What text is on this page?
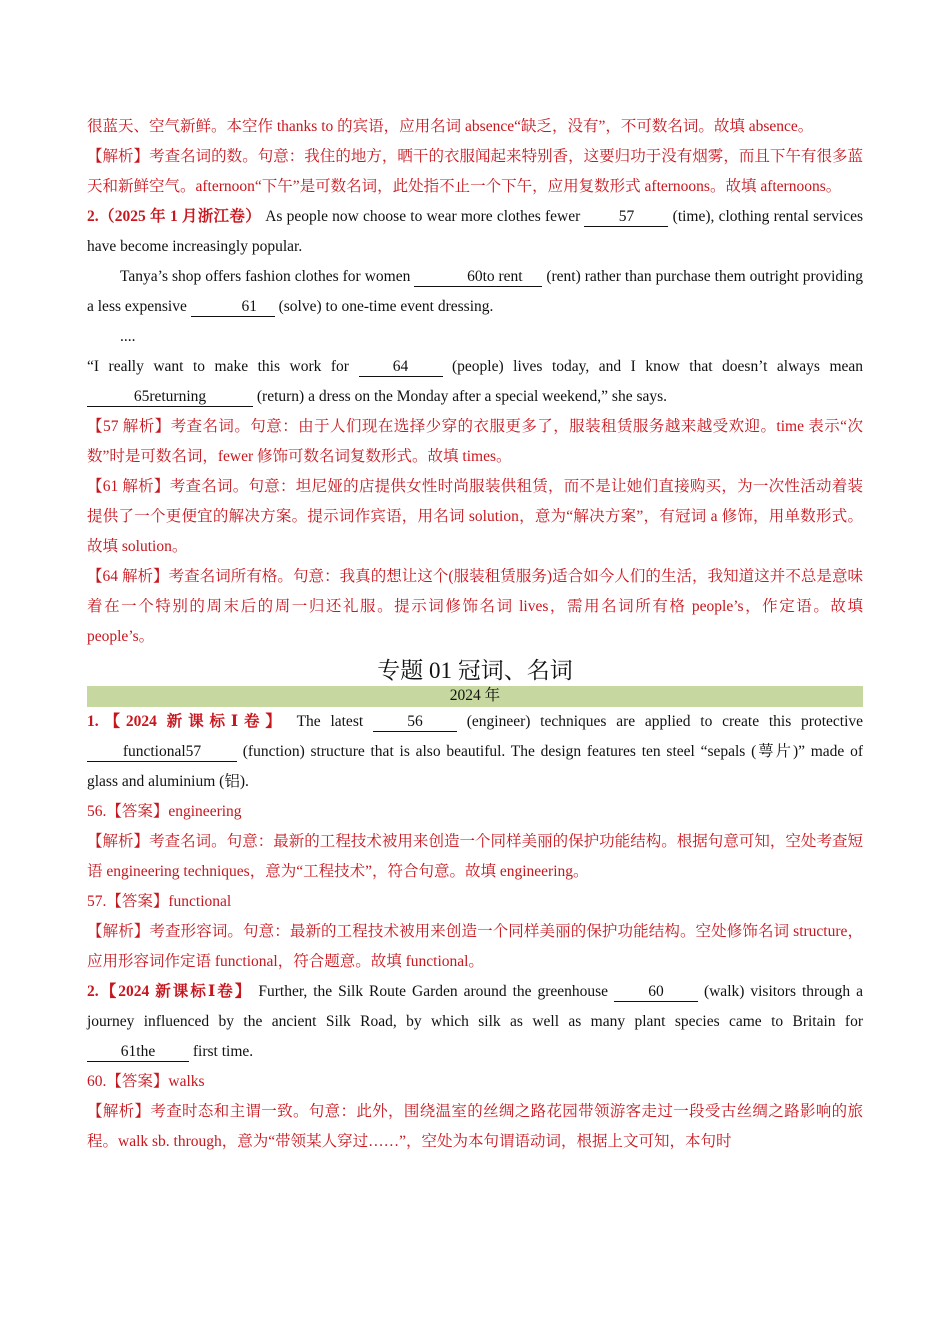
很蓝天、空气新鲜。本空作 thanks to 的宾语，应用名词 absence“缺乏，没有”，不可数名词。故填 absence。

【解析】考查名词的数。句意：我住的地方，晒干的衣服闻起来特别香，这要归功于没有烟雾，而且下午有很多蓝天和新鲜空气。afternoon“下午”是可数名词，此处指不止一个下午，应用复数形式 afternoons。故填 afternoons。

2.（2025 年 1 月浙江卷） As people now choose to wear more clothes fewer 57 (time), clothing rental services have become increasingly popular.

Tanya’s shop offers fashion clothes for women	60to rent (rent) rather than purchase them outright providing a less expensive	61 (solve) to one-time event dressing.

....

“I really want to make this work for	64	(people) lives today, and I know that doesn’t always mean 65returning	(return) a dress on the Monday after a special weekend,” she says.

【57 解析】考查名词。句意：由于人们现在选择少穿的衣服更多了，服装租赁服务越来越受欢迎。time 表示“次数”时是可数名词，fewer 修饰可数名词复数形式。故填 times。

【61 解析】考查名词。句意：坦尼娅的店提供女性时尚服装供租赁，而不是让她们直接购买，为一次性活动着装提供了一个更便宜的解决方案。提示词作宾语，用名词 solution，意为“解决方案”，有冠词 a 修饰，用单数形式。故填 solution。

【64 解析】考查名词所有格。句意：我真的想让这个(服装租赁服务)适合如今人们的生活，我知道这并不总是意味着在一个特别的周末后的周一归还礼服。提示词修饰名词 lives，需用名词所有格 people’s，作定语。故填 people’s。

专题 01 冠词、名词
2024 年

1.【2024 新课标Ⅰ卷】 The latest	56	(engineer) techniques are applied to create this protective functional57	(function) structure that is also beautiful. The design features ten steel “sepals (萼片)” made of glass and aluminium (铝).

56.【答案】engineering

【解析】考查名词。句意：最新的工程技术被用来创造一个同样美丽的保护功能结构。根据句意可知，空处考查短语 engineering techniques，意为“工程技术”，符合句意。故填 engineering。

57.【答案】functional

【解析】考查形容词。句意：最新的工程技术被用来创造一个同样美丽的保护功能结构。空处修饰名词 structure，应用形容词作定语 functional，符合题意。故填 functional。

2.【2024 新课标Ⅰ卷】 Further, the Silk Route Garden around the greenhouse	60	(walk) visitors through a journey influenced by the ancient Silk Road, by which silk as well as many plant species came to Britain for 61the first time.

60.【答案】walks

【解析】考查时态和主谓一致。句意：此外，围绕温室的丝绸之路花园带领游客走过一段受古丝绸之路影响的旅程。walk sb. through，意为“带领某人穿过……”，空处为本句谓语动词，根据上文可知，本句时
